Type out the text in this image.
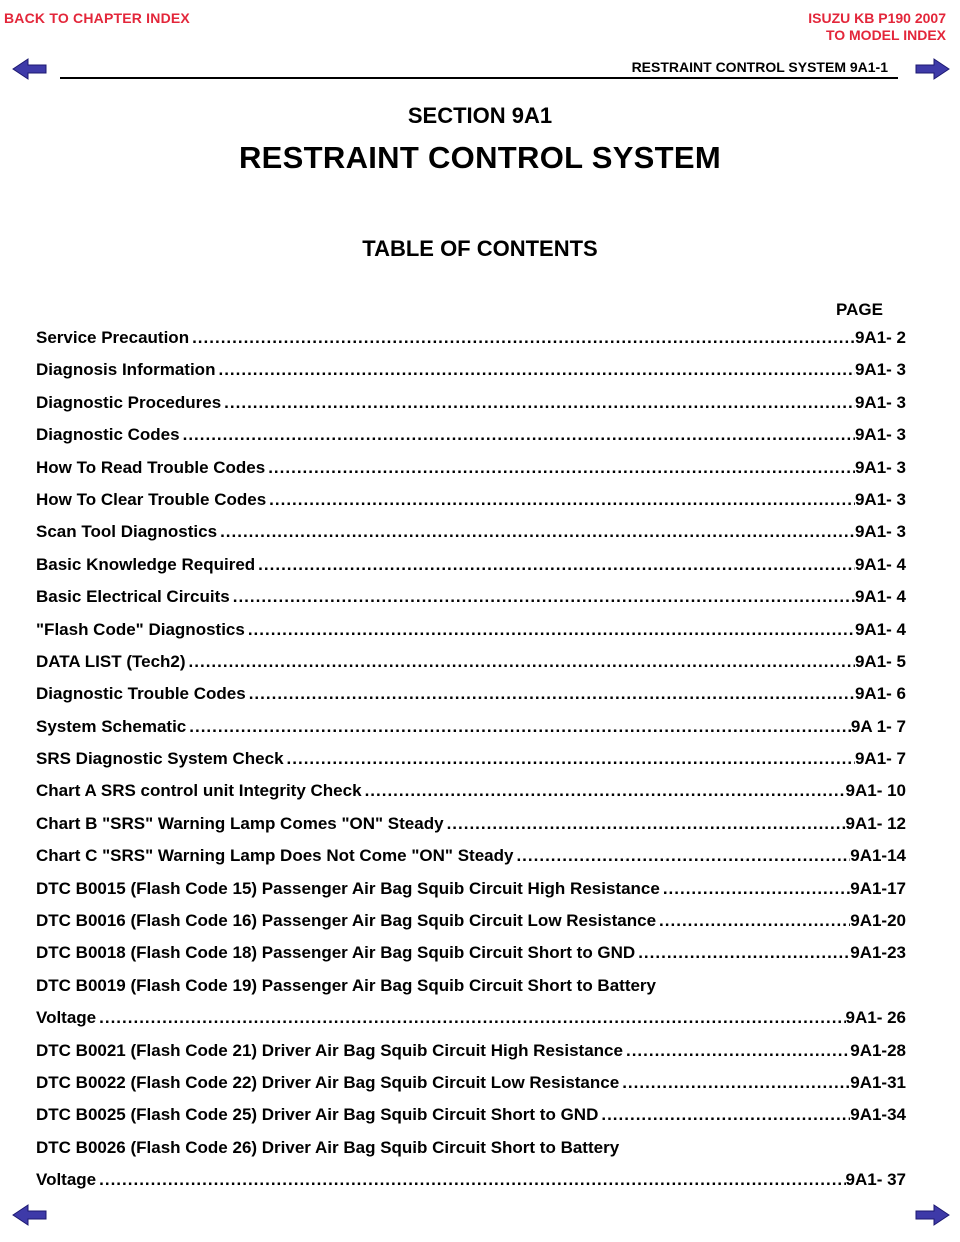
BACK TO CHAPTER INDEX	ISUZU KB P190 2007
TO MODEL INDEX
RESTRAINT CONTROL SYSTEM 9A1-1
SECTION 9A1
RESTRAINT CONTROL SYSTEM
TABLE OF CONTENTS
PAGE
Service Precaution .....	9A1- 2
Diagnosis Information .....	9A1- 3
Diagnostic Procedures .....	9A1- 3
Diagnostic Codes .....	9A1- 3
How To Read Trouble Codes .....	9A1- 3
How To Clear Trouble Codes .....	9A1- 3
Scan Tool Diagnostics .....	9A1- 3
Basic Knowledge Required .....	9A1- 4
Basic Electrical Circuits .....	9A1- 4
"Flash Code" Diagnostics .....	9A1- 4
DATA LIST (Tech2) .....	9A1- 5
Diagnostic Trouble Codes .....	9A1- 6
System Schematic .....	9A 1- 7
SRS Diagnostic System Check .....	9A1- 7
Chart A SRS control unit Integrity Check .....	9A1- 10
Chart B "SRS" Warning Lamp Comes "ON" Steady .....	9A1- 12
Chart C "SRS" Warning Lamp Does Not Come "ON" Steady .....	9A1-14
DTC B0015 (Flash Code 15) Passenger Air Bag Squib Circuit High Resistance .....	9A1-17
DTC B0016 (Flash Code 16) Passenger Air Bag Squib Circuit Low Resistance .....	9A1-20
DTC B0018 (Flash Code 18) Passenger Air Bag Squib Circuit Short to GND .....	9A1-23
DTC B0019 (Flash Code 19) Passenger Air Bag Squib Circuit Short to Battery
Voltage .....	9A1- 26
DTC B0021 (Flash Code 21) Driver Air Bag Squib Circuit High Resistance .....	9A1-28
DTC B0022 (Flash Code 22) Driver Air Bag Squib Circuit Low Resistance .....	9A1-31
DTC B0025 (Flash Code 25) Driver Air Bag Squib Circuit Short to GND .....	9A1-34
DTC B0026 (Flash Code 26) Driver Air Bag Squib Circuit Short to Battery
Voltage .....	9A1- 37
